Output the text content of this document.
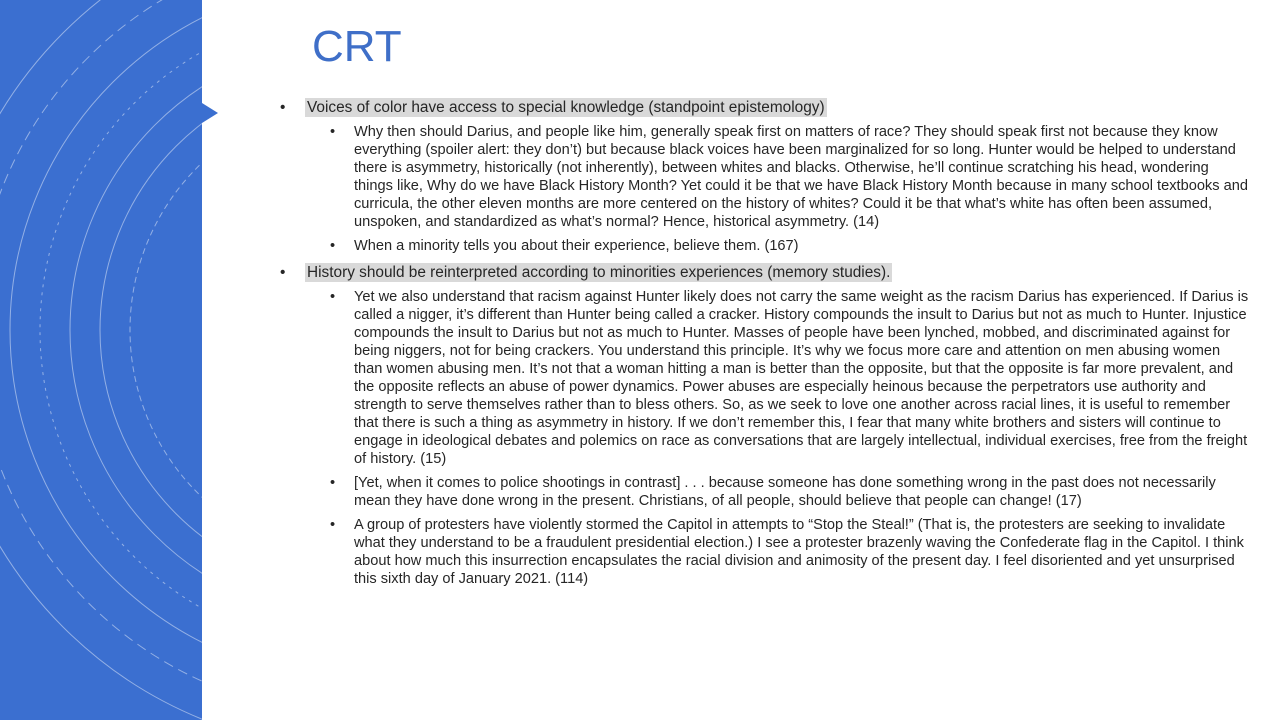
CRT
• Voices of color have access to special knowledge (standpoint epistemology)
• Why then should Darius, and people like him, generally speak first on matters of race? They should speak first not because they know everything (spoiler alert: they don’t) but because black voices have been marginalized for so long. Hunter would be helped to understand there is asymmetry, historically (not inherently), between whites and blacks. Otherwise, he’ll continue scratching his head, wondering things like, Why do we have Black History Month? Yet could it be that we have Black History Month because in many school textbooks and curricula, the other eleven months are more centered on the history of whites? Could it be that what’s white has often been assumed, unspoken, and standardized as what’s normal? Hence, historical asymmetry. (14)
• When a minority tells you about their experience, believe them. (167)
• History should be reinterpreted according to minorities experiences (memory studies).
• Yet we also understand that racism against Hunter likely does not carry the same weight as the racism Darius has experienced. If Darius is called a nigger, it’s different than Hunter being called a cracker. History compounds the insult to Darius but not as much to Hunter. Injustice compounds the insult to Darius but not as much to Hunter. Masses of people have been lynched, mobbed, and discriminated against for being niggers, not for being crackers. You understand this principle. It’s why we focus more care and attention on men abusing women than women abusing men. It’s not that a woman hitting a man is better than the opposite, but that the opposite is far more prevalent, and the opposite reflects an abuse of power dynamics. Power abuses are especially heinous because the perpetrators use authority and strength to serve themselves rather than to bless others. So, as we seek to love one another across racial lines, it is useful to remember that there is such a thing as asymmetry in history. If we don’t remember this, I fear that many white brothers and sisters will continue to engage in ideological debates and polemics on race as conversations that are largely intellectual, individual exercises, free from the freight of history. (15)
• [Yet, when it comes to police shootings in contrast] . . . because someone has done something wrong in the past does not necessarily mean they have done wrong in the present. Christians, of all people, should believe that people can change! (17)
• A group of protesters have violently stormed the Capitol in attempts to “Stop the Steal!” (That is, the protesters are seeking to invalidate what they understand to be a fraudulent presidential election.) I see a protester brazenly waving the Confederate flag in the Capitol. I think about how much this insurrection encapsulates the racial division and animosity of the present day. I feel disoriented and yet unsurprised this sixth day of January 2021. (114)
